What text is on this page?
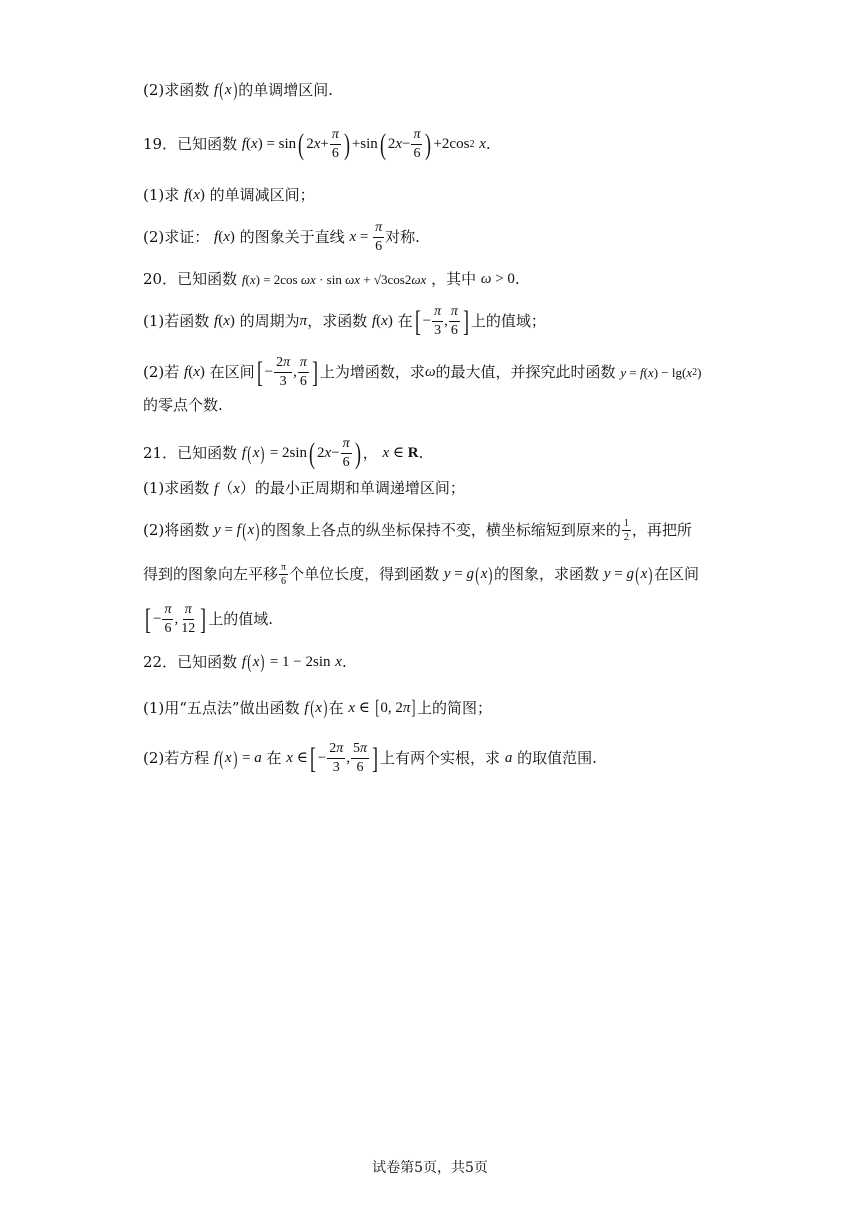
(2)求函数
f ( x ) 的单调增区间.
19．已知函数
f ( x ) = sin ( 2 $x + \frac{\pi}{6}$ ) +sin ( 2 $x - \frac{\pi}{6}$ ) +2cos 2
x .
(1)求
f ( x )
的单调减区间；
(2)求证：
f ( x )
的图象关于直线
$x = \frac{\pi}{6}$ 对称.
20．已知函数
f ( x ) = 2cos ωx · sin ωx + √3cos2 ωx
，其中
ω > 0 .
(1)若函数
f ( x )
的周期为 π ，求函数
f ( x )
在 [ − $\frac{\pi}{3}$ , $\frac{\pi}{6}$ ] 上的值域；
(2)若
f ( x )
在区间 [ − $\frac{2\pi}{3}$ , $\frac{\pi}{6}$ ] 上为增函数，求 ω 的最大值，并探究此时函数
y = f ( x ) − lg( x 2 )
的零点个数.
21．已知函数
f ( x ) = 2sin ( 2 $x - \frac{\pi}{6}$ ) ，
x ∈ R .
(1)求函数 f（x）的最小正周期和单调递增区间；
(2)将函数
y = f ( x ) 的图象上各点的纵坐标保持不变，横坐标缩短到原来的 $\frac{1}{2}$ ，再把所
得到的图象向左平移 $\frac{\pi}{6}$ 个单位长度，得到函数
y = g ( x ) 的图象，求函数
y = g ( x ) 在区间
[ − $\frac{\pi}{6}$ , $\frac{\pi}{12}$ ] 上的值域.
22．已知函数
f ( x ) = 1 − 2sin
x .
(1)用“五点法”做出函数
f ( x ) 在
x ∈ [ 0, 2 π ] 上的简图；
(2)若方程
f ( x ) = a
在
x ∈ [ − $\frac{2\pi}{3}$ , $\frac{5\pi}{6}$ ] 上有两个实根，求
a
的取值范围.
试卷第5页，共5页
